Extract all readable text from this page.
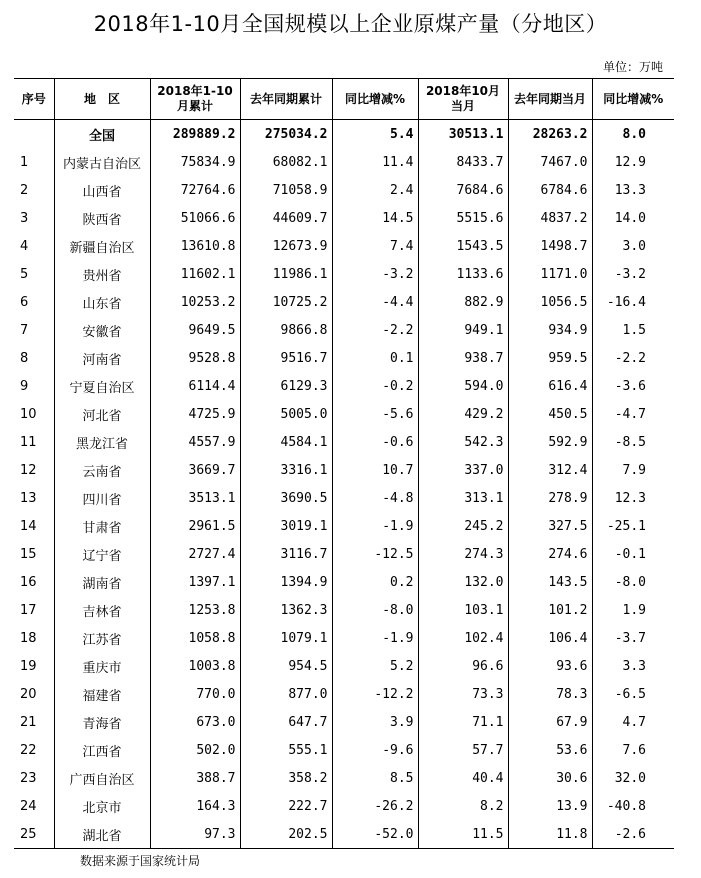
2018年1-10月全国规模以上企业原煤产量（分地区）
单位：万吨
序号	地　区	2018年1-10月累计	去年同期累计	同比增减%	2018年10月当月	去年同期当月	同比增减%
	全国	289889.2	275034.2	5.4	30513.1	28263.2	8.0
1	内蒙古自治区	75834.9	68082.1	11.4	8433.7	7467.0	12.9
2	山西省	72764.6	71058.9	2.4	7684.6	6784.6	13.3
3	陕西省	51066.6	44609.7	14.5	5515.6	4837.2	14.0
4	新疆自治区	13610.8	12673.9	7.4	1543.5	1498.7	3.0
5	贵州省	11602.1	11986.1	-3.2	1133.6	1171.0	-3.2
6	山东省	10253.2	10725.2	-4.4	882.9	1056.5	-16.4
7	安徽省	9649.5	9866.8	-2.2	949.1	934.9	1.5
8	河南省	9528.8	9516.7	0.1	938.7	959.5	-2.2
9	宁夏自治区	6114.4	6129.3	-0.2	594.0	616.4	-3.6
10	河北省	4725.9	5005.0	-5.6	429.2	450.5	-4.7
11	黑龙江省	4557.9	4584.1	-0.6	542.3	592.9	-8.5
12	云南省	3669.7	3316.1	10.7	337.0	312.4	7.9
13	四川省	3513.1	3690.5	-4.8	313.1	278.9	12.3
14	甘肃省	2961.5	3019.1	-1.9	245.2	327.5	-25.1
15	辽宁省	2727.4	3116.7	-12.5	274.3	274.6	-0.1
16	湖南省	1397.1	1394.9	0.2	132.0	143.5	-8.0
17	吉林省	1253.8	1362.3	-8.0	103.1	101.2	1.9
18	江苏省	1058.8	1079.1	-1.9	102.4	106.4	-3.7
19	重庆市	1003.8	954.5	5.2	96.6	93.6	3.3
20	福建省	770.0	877.0	-12.2	73.3	78.3	-6.5
21	青海省	673.0	647.7	3.9	71.1	67.9	4.7
22	江西省	502.0	555.1	-9.6	57.7	53.6	7.6
23	广西自治区	388.7	358.2	8.5	40.4	30.6	32.0
24	北京市	164.3	222.7	-26.2	8.2	13.9	-40.8
25	湖北省	97.3	202.5	-52.0	11.5	11.8	-2.6
数据来源于国家统计局
